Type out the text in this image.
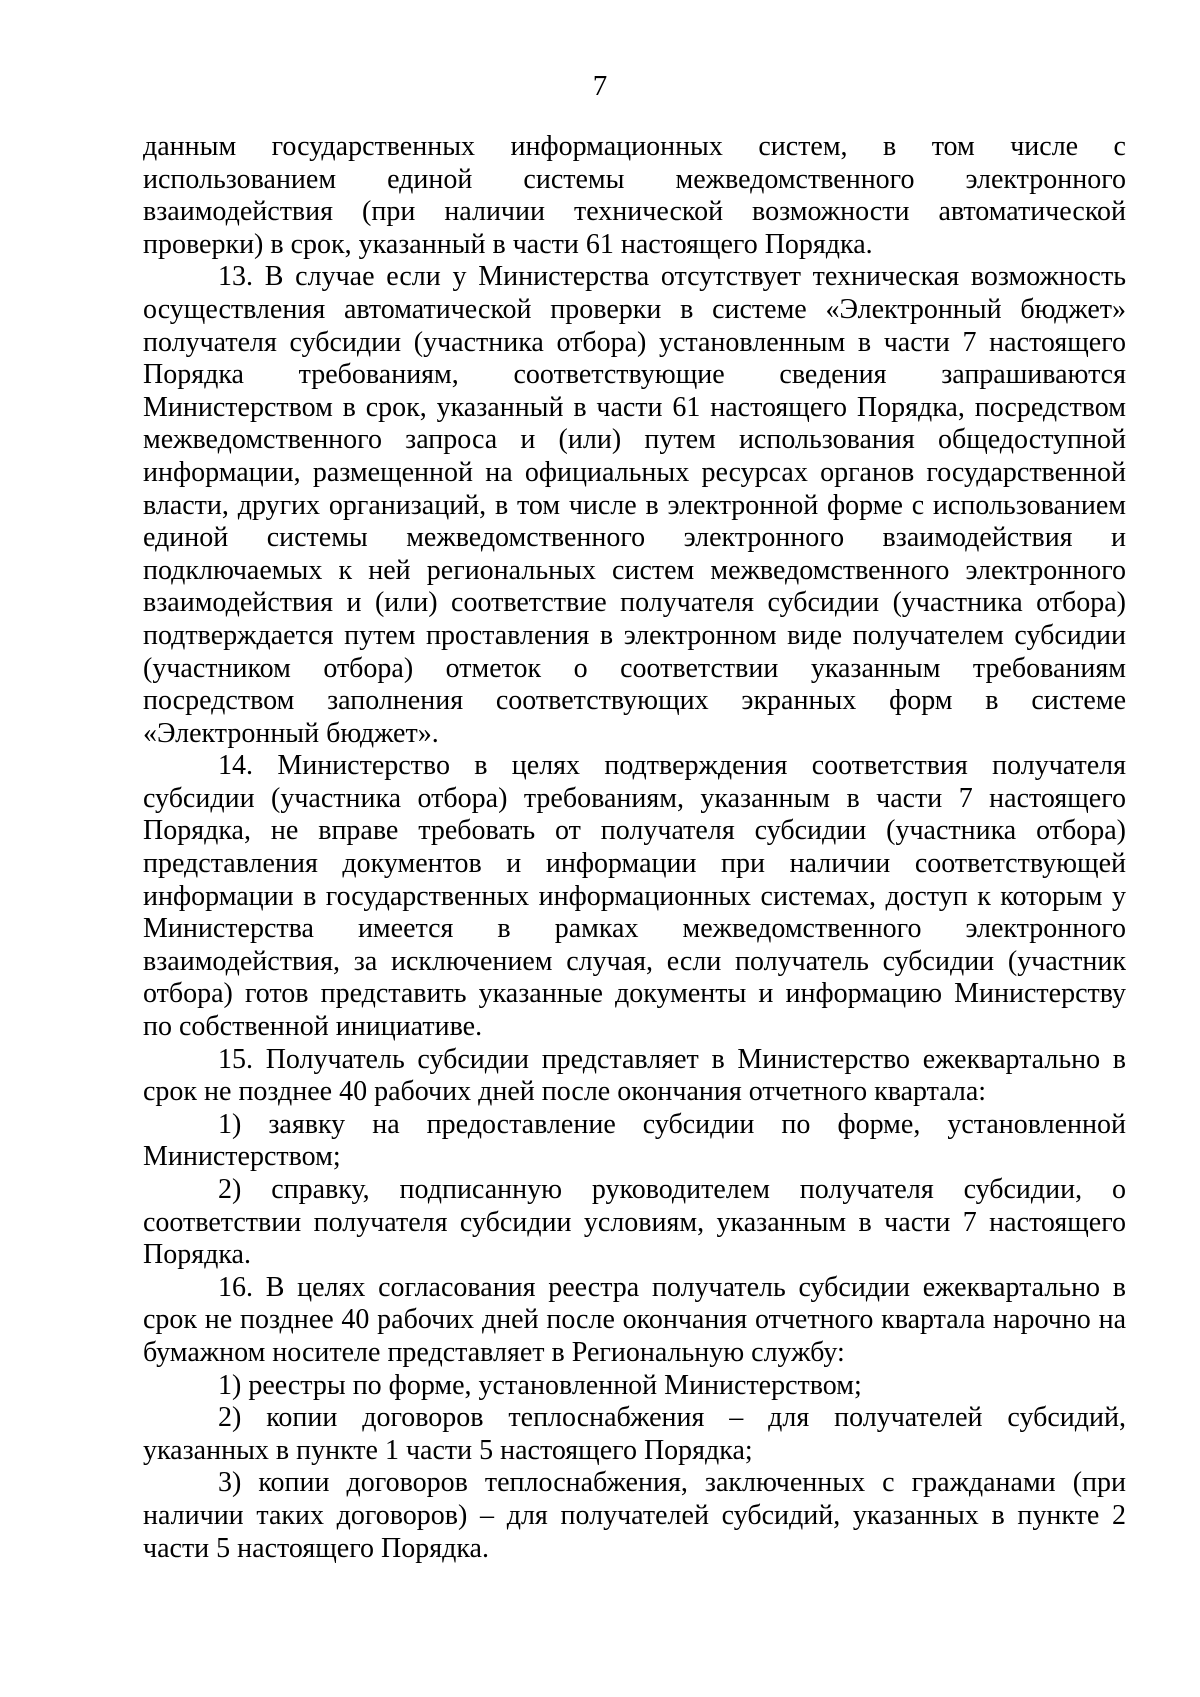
7

данным государственных информационных систем, в том числе с использованием единой системы межведомственного электронного взаимодействия (при наличии технической возможности автоматической проверки) в срок, указанный в части 61 настоящего Порядка.

13. В случае если у Министерства отсутствует техническая возможность осуществления автоматической проверки в системе «Электронный бюджет» получателя субсидии (участника отбора) установленным в части 7 настоящего Порядка требованиям, соответствующие сведения запрашиваются Министерством в срок, указанный в части 61 настоящего Порядка, посредством межведомственного запроса и (или) путем использования общедоступной информации, размещенной на официальных ресурсах органов государственной власти, других организаций, в том числе в электронной форме с использованием единой системы межведомственного электронного взаимодействия и подключаемых к ней региональных систем межведомственного электронного взаимодействия и (или) соответствие получателя субсидии (участника отбора) подтверждается путем проставления в электронном виде получателем субсидии (участником отбора) отметок о соответствии указанным требованиям посредством заполнения соответствующих экранных форм в системе «Электронный бюджет».

14. Министерство в целях подтверждения соответствия получателя субсидии (участника отбора) требованиям, указанным в части 7 настоящего Порядка, не вправе требовать от получателя субсидии (участника отбора) представления документов и информации при наличии соответствующей информации в государственных информационных системах, доступ к которым у Министерства имеется в рамках межведомственного электронного взаимодействия, за исключением случая, если получатель субсидии (участник отбора) готов представить указанные документы и информацию Министерству по собственной инициативе.

15. Получатель субсидии представляет в Министерство ежеквартально в срок не позднее 40 рабочих дней после окончания отчетного квартала:

1) заявку на предоставление субсидии по форме, установленной Министерством;

2) справку, подписанную руководителем получателя субсидии, о соответствии получателя субсидии условиям, указанным в части 7 настоящего Порядка.

16. В целях согласования реестра получатель субсидии ежеквартально в срок не позднее 40 рабочих дней после окончания отчетного квартала нарочно на бумажном носителе представляет в Региональную службу:

1) реестры по форме, установленной Министерством;

2) копии договоров теплоснабжения – для получателей субсидий, указанных в пункте 1 части 5 настоящего Порядка;

3) копии договоров теплоснабжения, заключенных с гражданами (при наличии таких договоров) – для получателей субсидий, указанных в пункте 2 части 5 настоящего Порядка.
